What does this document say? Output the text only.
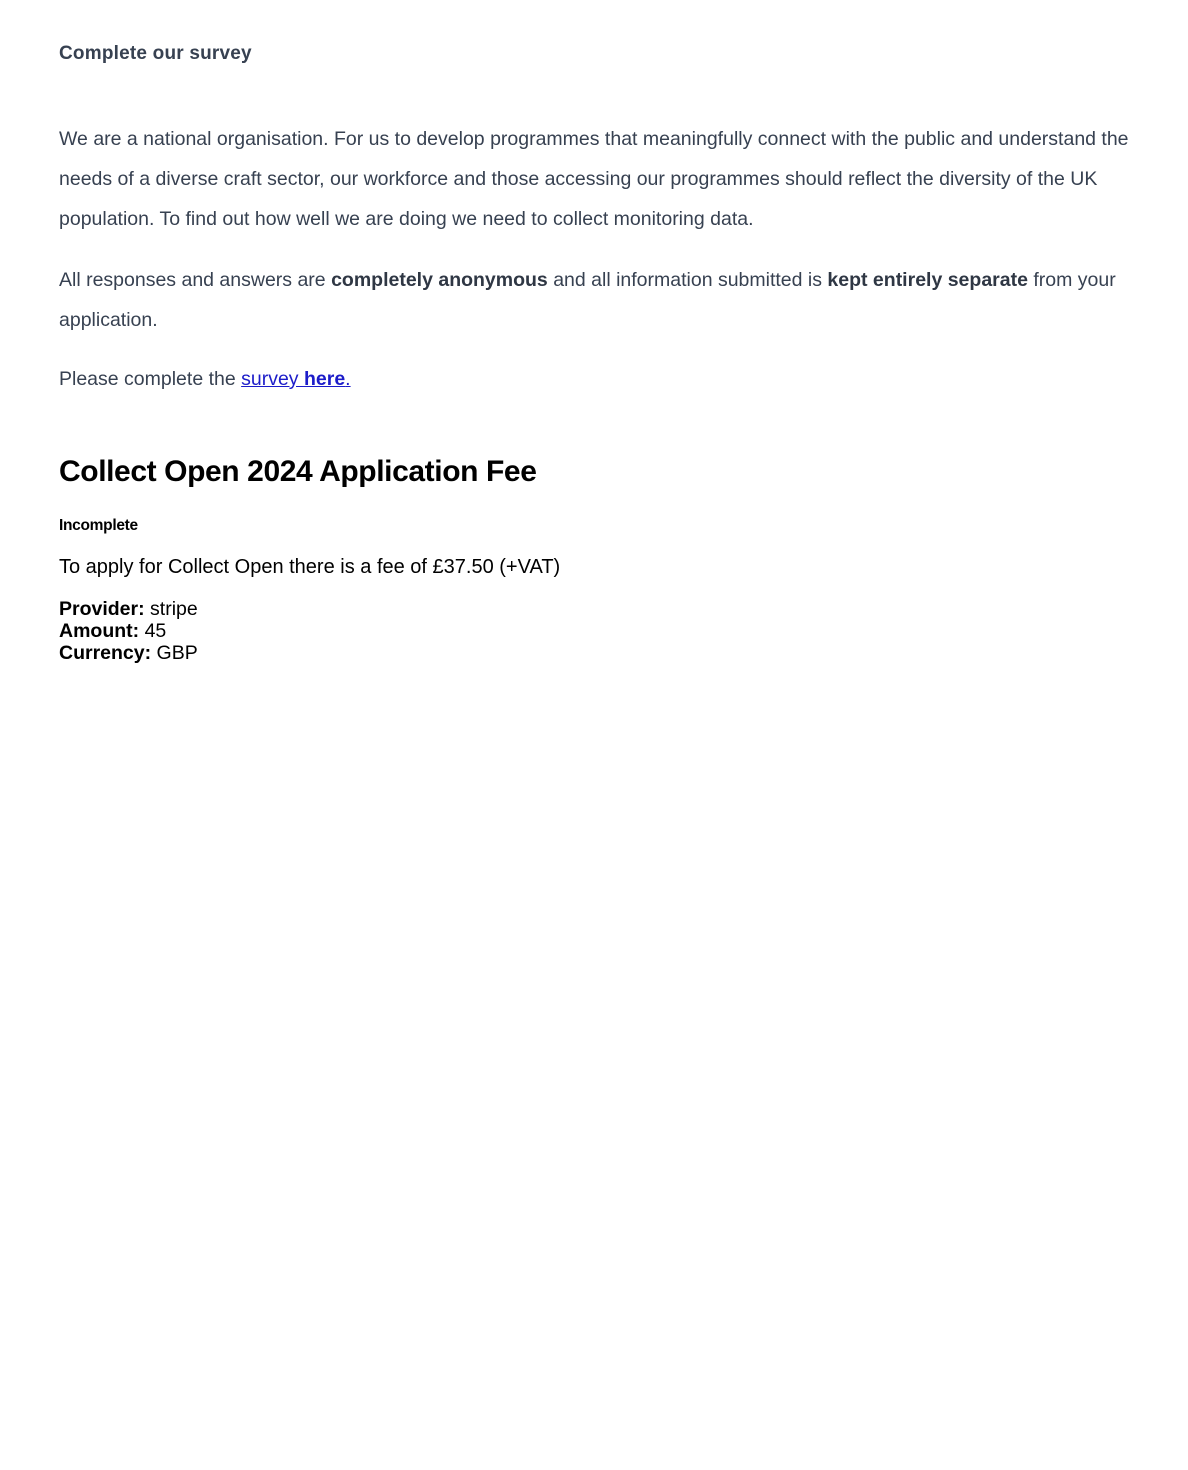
Complete our survey

We are a national organisation. For us to develop programmes that meaningfully connect with the public and understand the needs of a diverse craft sector, our workforce and those accessing our programmes should reflect the diversity of the UK population. To find out how well we are doing we need to collect monitoring data.

All responses and answers are completely anonymous and all information submitted is kept entirely separate from your application.

Please complete the survey here.

Collect Open 2024 Application Fee
Incomplete

To apply for Collect Open there is a fee of £37.50 (+VAT)

Provider: stripe
Amount: 45
Currency: GBP
